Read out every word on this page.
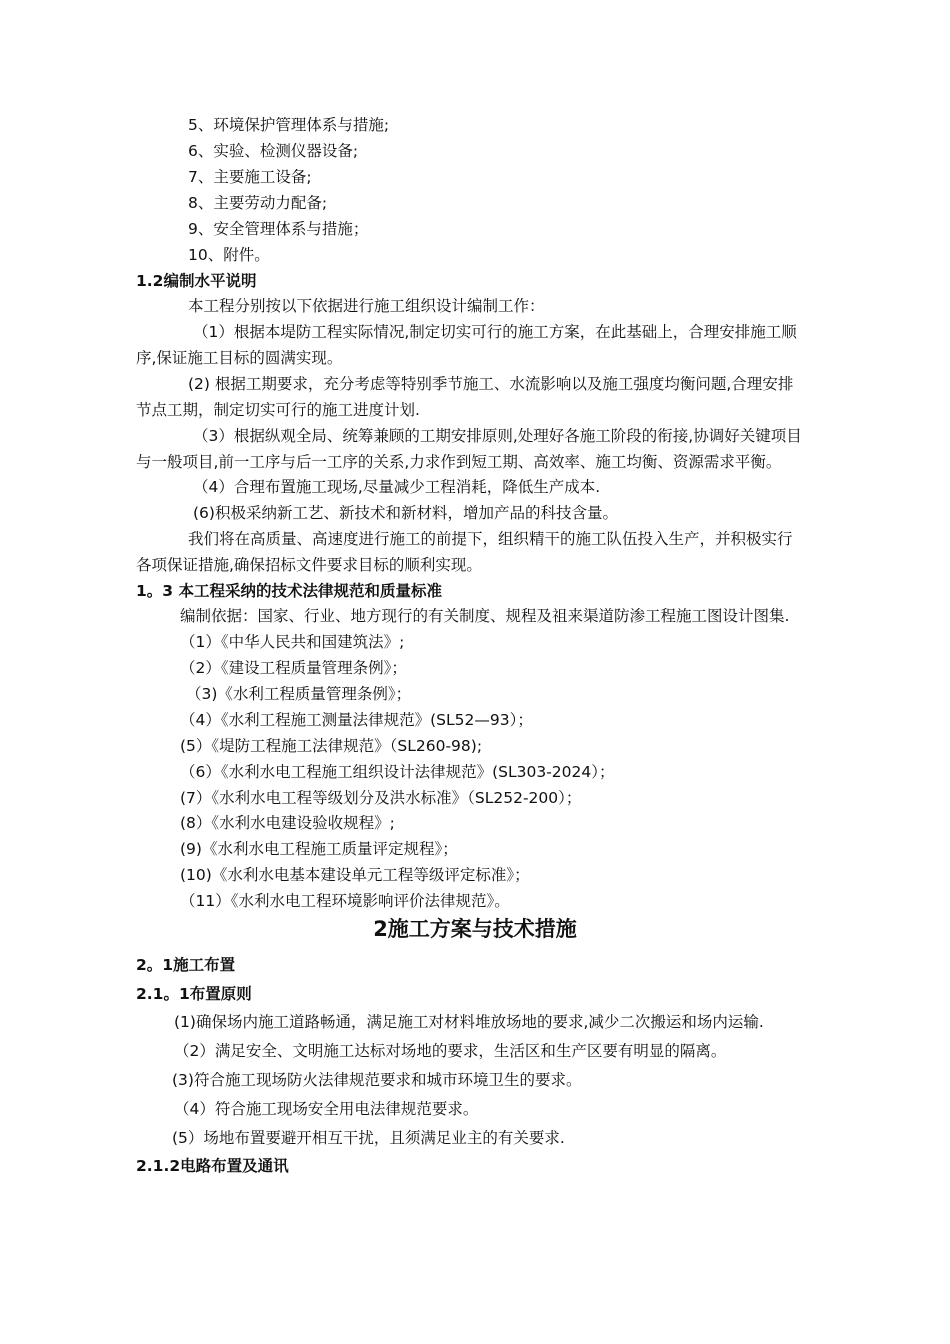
5、环境保护管理体系与措施;
6、实验、检测仪器设备;
7、主要施工设备;
8、主要劳动力配备;
9、安全管理体系与措施；
10、附件。
1.2编制水平说明
本工程分别按以下依据进行施工组织设计编制工作：
（1）根据本堤防工程实际情况,制定切实可行的施工方案，在此基础上，合理安排施工顺
序,保证施工目标的圆满实现。
(2) 根据工期要求，充分考虑等特别季节施工、水流影响以及施工强度均衡问题,合理安排
节点工期，制定切实可行的施工进度计划.
（3）根据纵观全局、统筹兼顾的工期安排原则,处理好各施工阶段的衔接,协调好关键项目
与一般项目,前一工序与后一工序的关系,力求作到短工期、高效率、施工均衡、资源需求平衡。
（4）合理布置施工现场,尽量减少工程消耗，降低生产成本.
(6)积极采纳新工艺、新技术和新材料，增加产品的科技含量。
我们将在高质量、高速度进行施工的前提下，组织精干的施工队伍投入生产，并积极实行
各项保证措施,确保招标文件要求目标的顺利实现。
1。3 本工程采纳的技术法律规范和质量标准
编制依据：国家、行业、地方现行的有关制度、规程及祖来渠道防渗工程施工图设计图集.
（1）《中华人民共和国建筑法》;
（2）《建设工程质量管理条例》；
（3)《水利工程质量管理条例》；
（4）《水利工程施工测量法律规范》(SL52—93）；
(5）《堤防工程施工法律规范》（SL260-98);
（6）《水利水电工程施工组织设计法律规范》(SL303-2024）；
(7）《水利水电工程等级划分及洪水标准》（SL252-200）；
(8）《水利水电建设验收规程》;
(9)《水利水电工程施工质量评定规程》；
(10)《水利水电基本建设单元工程等级评定标准》；
（11）《水利水电工程环境影响评价法律规范》。
2施工方案与技术措施
2。1施工布置
2.1。1布置原则
(1)确保场内施工道路畅通，满足施工对材料堆放场地的要求,减少二次搬运和场内运输.
（2）满足安全、文明施工达标对场地的要求，生活区和生产区要有明显的隔离。
(3)符合施工现场防火法律规范要求和城市环境卫生的要求。
（4）符合施工现场安全用电法律规范要求。
(5）场地布置要避开相互干扰，且须满足业主的有关要求.
2.1.2电路布置及通讯
